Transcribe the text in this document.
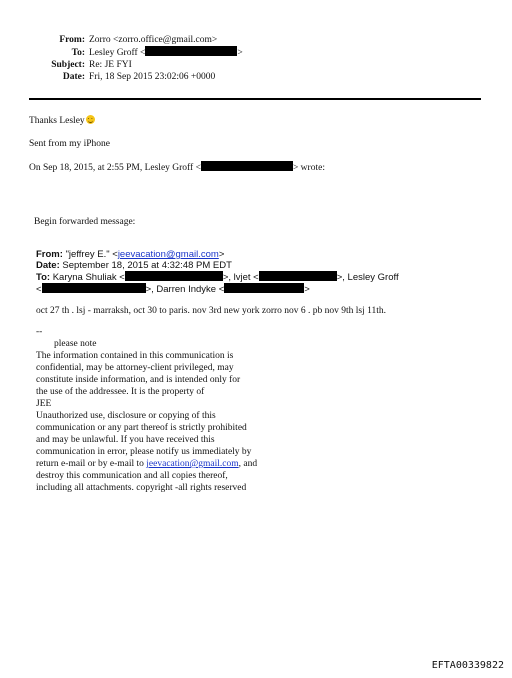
From: Zorro <zorro.office@gmail.com>
To: Lesley Groff <	>
Subject: Re: JE FYI
Date: Fri, 18 Sep 2015 23:02:06 +0000
Thanks Lesley
Sent from my iPhone
On Sep 18, 2015, at 2:55 PM, Lesley Groff <	> wrote:
Begin forwarded message:
From: "jeffrey E." <jeevacation@gmail.com>
Date: September 18, 2015 at 4:32:48 PM EDT
To: Karyna Shuliak <	>, lvjet <	>, Lesley Groff
<	>, Darren Indyke <	>
oct 27 th . lsj - marraksh, oct 30 to paris. nov 3rd new york zorro nov 6 . pb nov 9th lsj 11th.
--
please note
The information contained in this communication is
confidential, may be attorney-client privileged, may
constitute inside information, and is intended only for
the use of the addressee. It is the property of
JEE
Unauthorized use, disclosure or copying of this
communication or any part thereof is strictly prohibited
and may be unlawful. If you have received this
communication in error, please notify us immediately by
return e-mail or by e-mail to jeevacation@gmail.com, and
destroy this communication and all copies thereof,
including all attachments. copyright -all rights reserved
EFTA00339822
